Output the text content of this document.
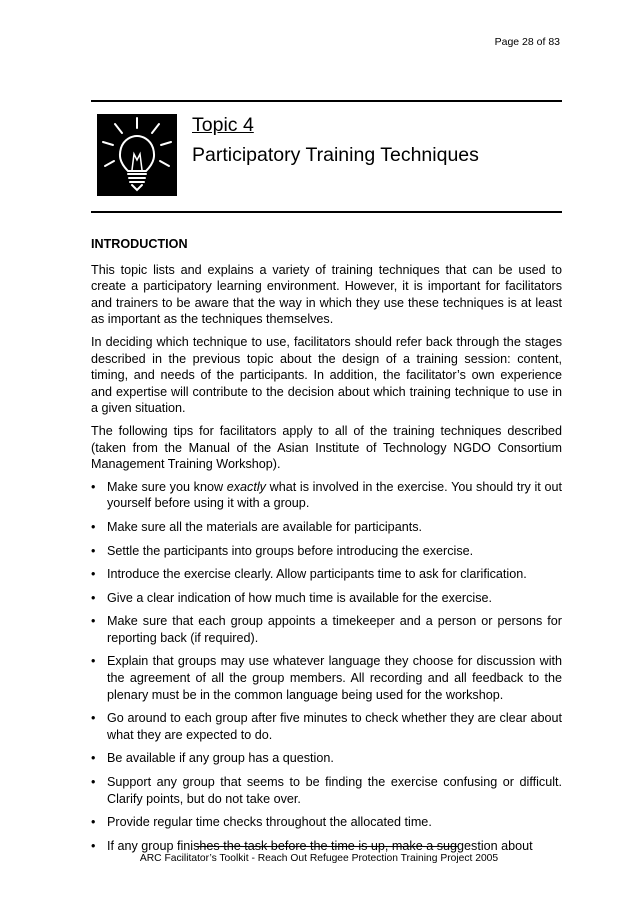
Page 28 of 83
Topic 4
Participatory Training Techniques
INTRODUCTION

This topic lists and explains a variety of training techniques that can be used to create a participatory learning environment. However, it is important for facilitators and trainers to be aware that the way in which they use these techniques is at least as important as the techniques themselves.

In deciding which technique to use, facilitators should refer back through the stages described in the previous topic about the design of a training session: content, timing, and needs of the participants. In addition, the facilitator’s own experience and expertise will contribute to the decision about which training technique to use in a given situation.

The following tips for facilitators apply to all of the training techniques described (taken from the Manual of the Asian Institute of Technology NGDO Consortium Management Training Workshop).

• Make sure you know exactly what is involved in the exercise. You should try it out yourself before using it with a group.
• Make sure all the materials are available for participants.
• Settle the participants into groups before introducing the exercise.
• Introduce the exercise clearly. Allow participants time to ask for clarification.
• Give a clear indication of how much time is available for the exercise.
• Make sure that each group appoints a timekeeper and a person or persons for reporting back (if required).
• Explain that groups may use whatever language they choose for discussion with the agreement of all the group members. All recording and all feedback to the plenary must be in the common language being used for the workshop.
• Go around to each group after five minutes to check whether they are clear about what they are expected to do.
• Be available if any group has a question.
• Support any group that seems to be finding the exercise confusing or difficult. Clarify points, but do not take over.
• Provide regular time checks throughout the allocated time.
• If any group finishes the task before the time is up, make a suggestion about
ARC Facilitator’s Toolkit - Reach Out Refugee Protection Training Project 2005
